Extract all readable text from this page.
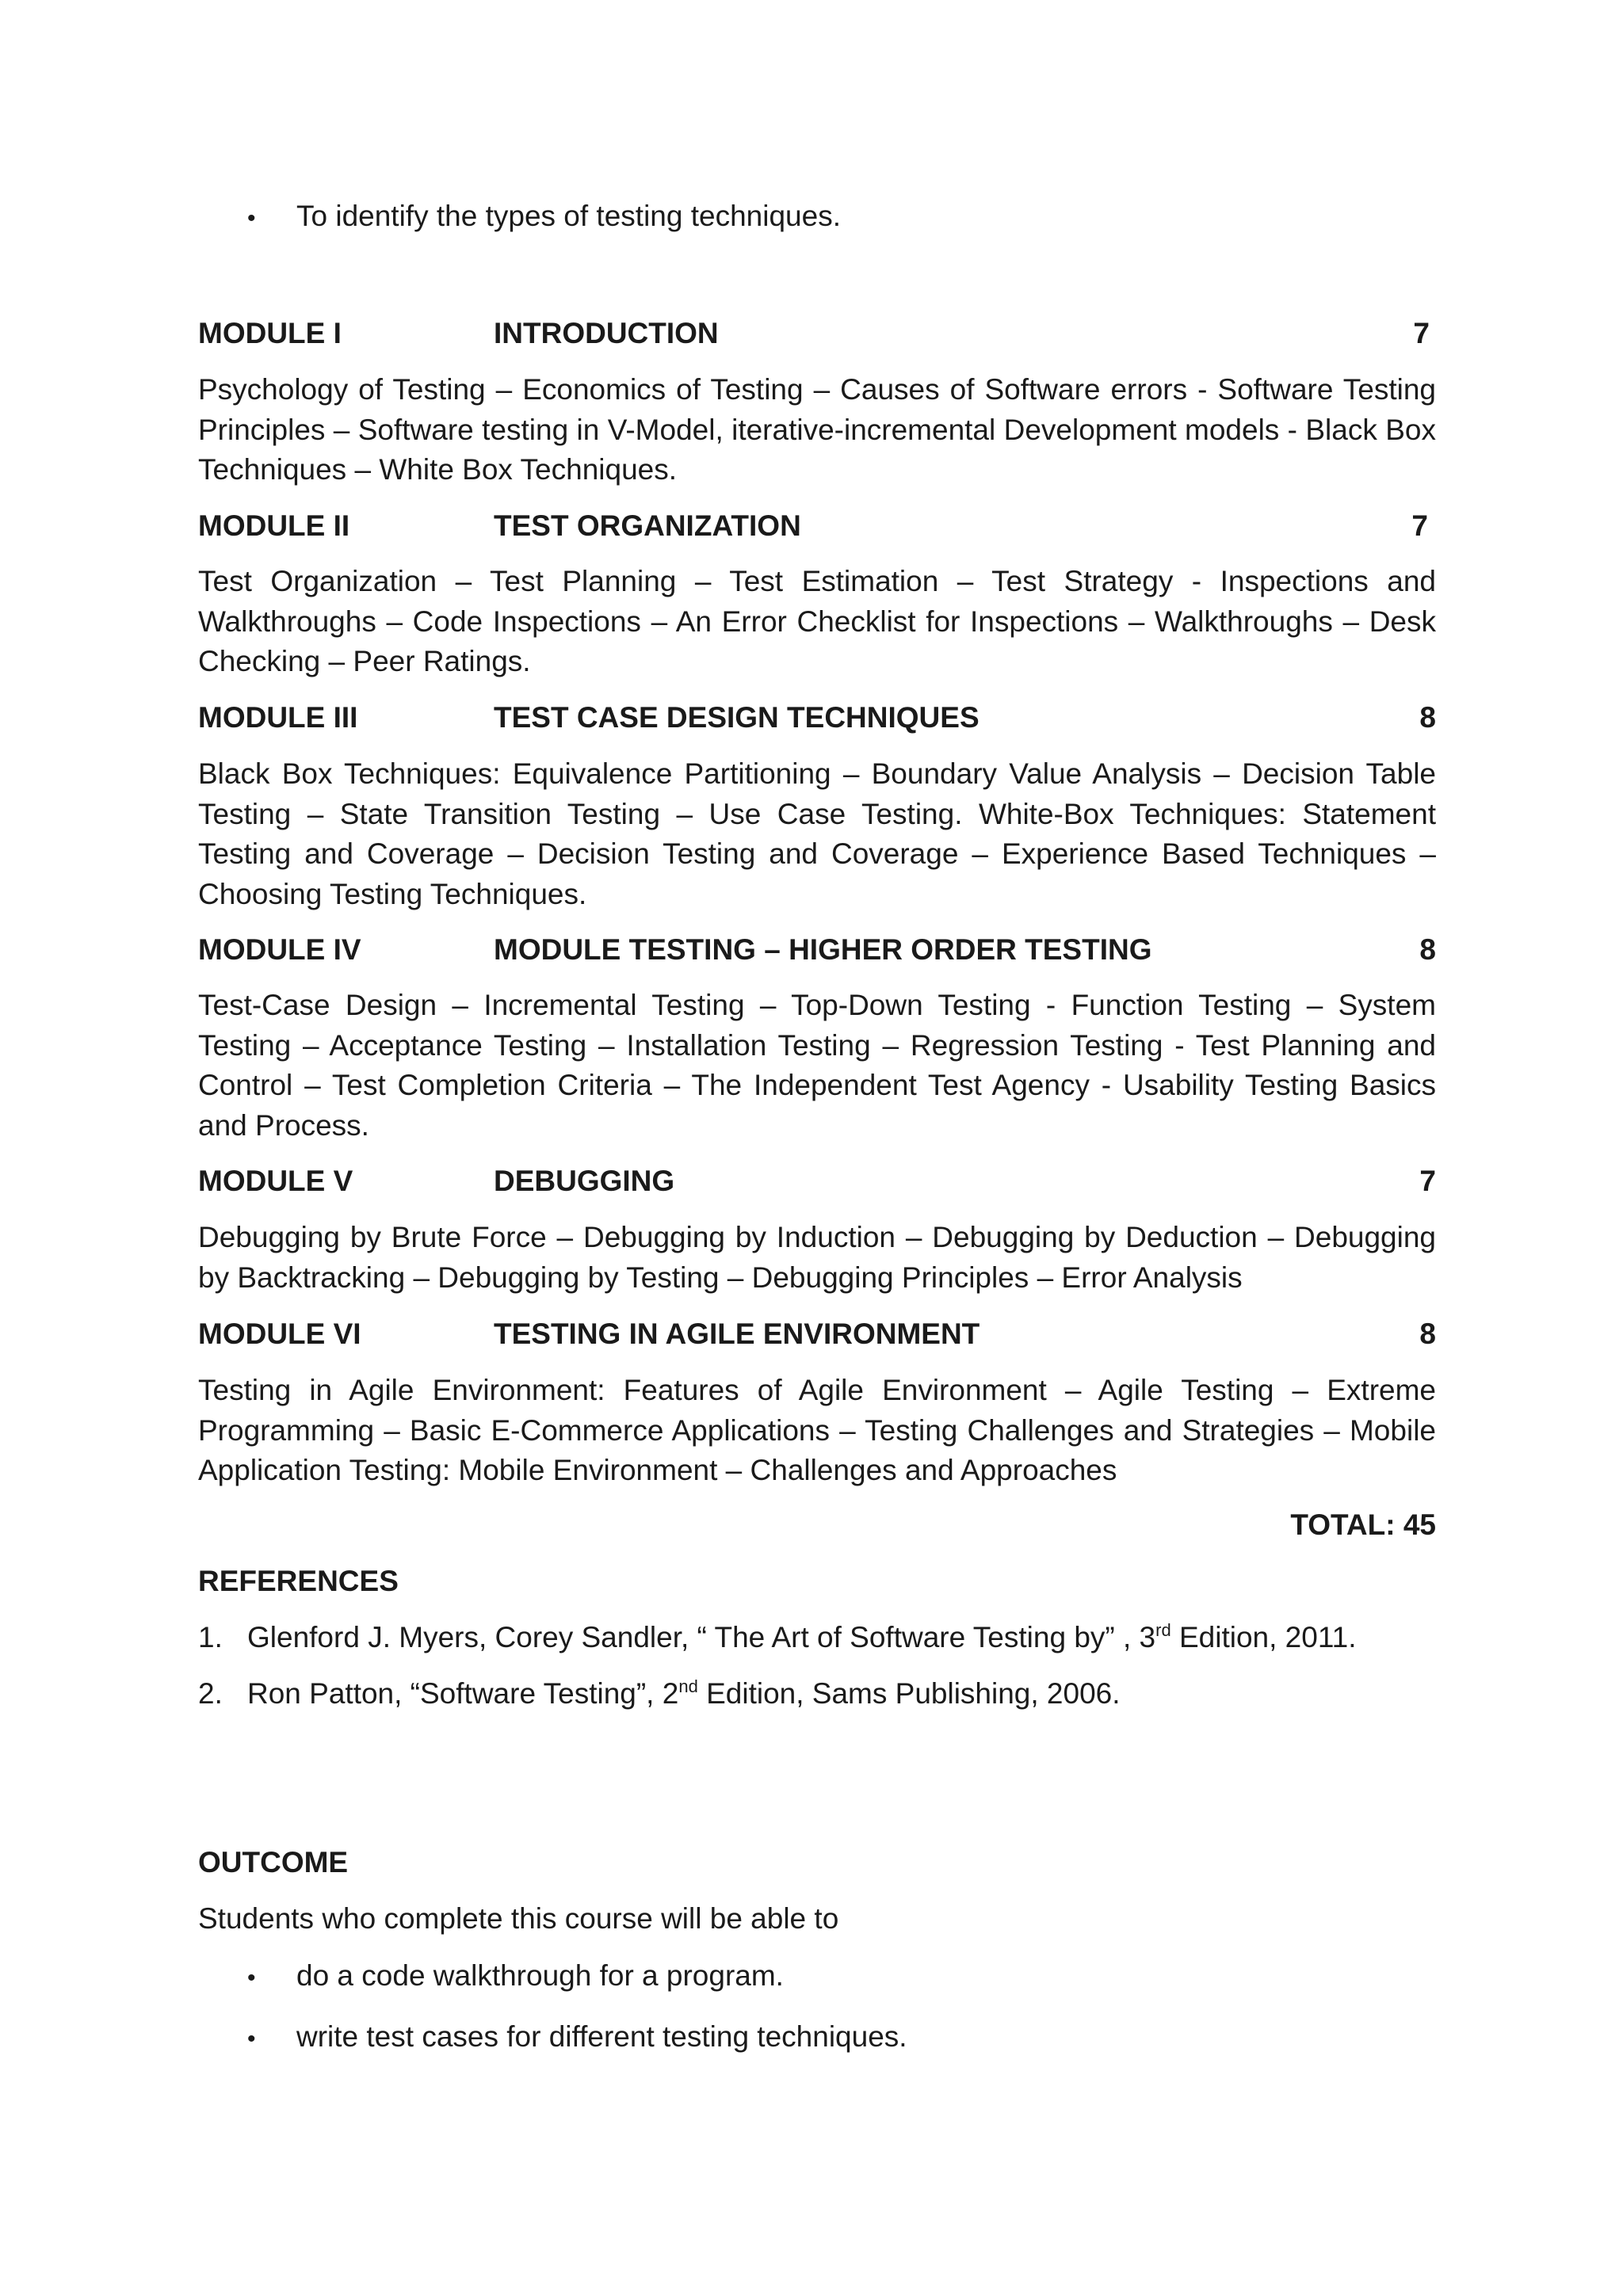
•	To identify the types of testing techniques.
MODULE I	INTRODUCTION	7

Psychology of Testing – Economics of Testing – Causes of Software errors - Software Testing Principles – Software testing in V-Model, iterative-incremental Development models - Black Box Techniques – White Box Techniques.

MODULE II	TEST ORGANIZATION	7

Test Organization – Test Planning – Test Estimation – Test Strategy - Inspections and Walkthroughs – Code Inspections – An Error Checklist for Inspections – Walkthroughs – Desk Checking – Peer Ratings.

MODULE III	TEST CASE DESIGN TECHNIQUES	8

Black Box Techniques: Equivalence Partitioning – Boundary Value Analysis – Decision Table Testing – State Transition Testing – Use Case Testing. White-Box Techniques: Statement Testing and Coverage – Decision Testing and Coverage – Experience Based Techniques – Choosing Testing Techniques.

MODULE IV	MODULE TESTING – HIGHER ORDER TESTING	8

Test-Case Design – Incremental Testing – Top-Down Testing - Function Testing – System Testing – Acceptance Testing – Installation Testing – Regression Testing - Test Planning and Control – Test Completion Criteria – The Independent Test Agency - Usability Testing Basics and Process.

MODULE V	DEBUGGING	7

Debugging by Brute Force – Debugging by Induction – Debugging by Deduction – Debugging by Backtracking – Debugging by Testing – Debugging Principles – Error Analysis

MODULE VI	TESTING IN AGILE ENVIRONMENT	8

Testing in Agile Environment: Features of Agile Environment – Agile Testing – Extreme Programming – Basic E-Commerce Applications – Testing Challenges and Strategies – Mobile Application Testing: Mobile Environment – Challenges and Approaches

TOTAL: 45
REFERENCES
1. Glenford J. Myers, Corey Sandler, “ The Art of Software Testing by” , 3rd Edition, 2011.
2. Ron Patton, “Software Testing”, 2nd Edition, Sams Publishing, 2006.
OUTCOME
Students who complete this course will be able to
•	do a code walkthrough for a program.
•	write test cases for different testing techniques.
